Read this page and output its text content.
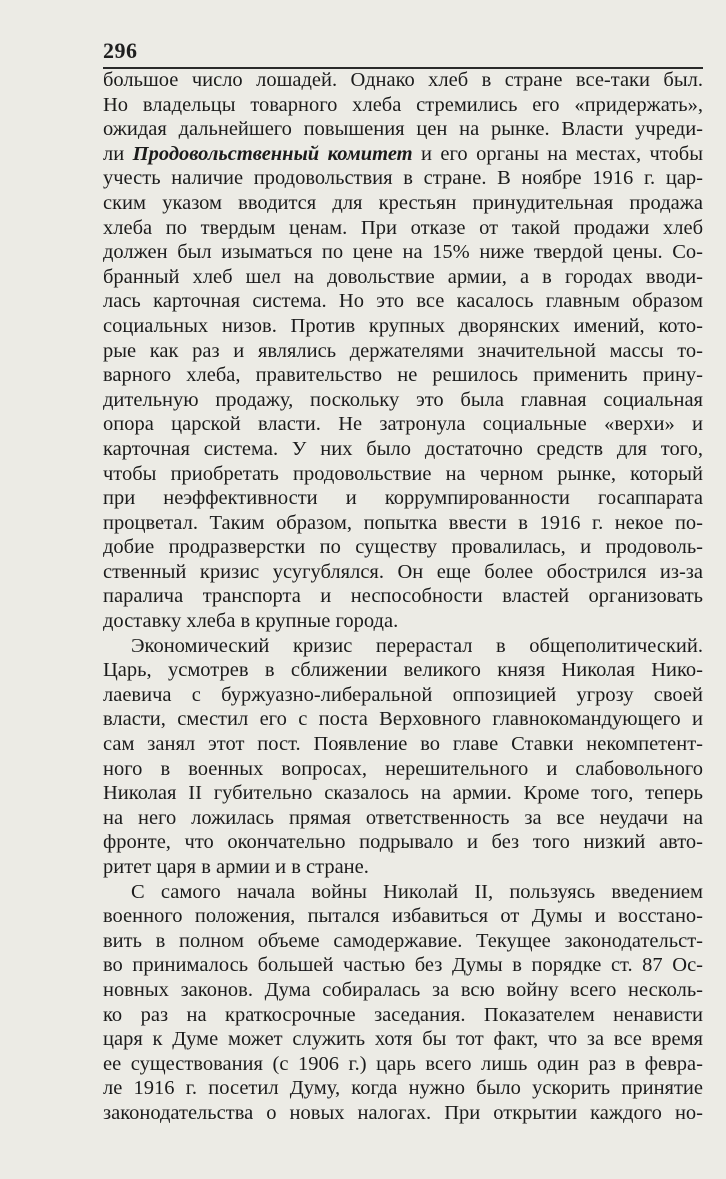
296
большое число лошадей. Однако хлеб в стране все-таки был.
Но владельцы товарного хлеба стремились его «придержать»,
ожидая дальнейшего повышения цен на рынке. Власти учреди-
ли Продовольственный комитет и его органы на местах, чтобы
учесть наличие продовольствия в стране. В ноябре 1916 г. цар-
ским указом вводится для крестьян принудительная продажа
хлеба по твердым ценам. При отказе от такой продажи хлеб
должен был изыматься по цене на 15% ниже твердой цены. Со-
бранный хлеб шел на довольствие армии, а в городах вводи-
лась карточная система. Но это все касалось главным образом
социальных низов. Против крупных дворянских имений, кото-
рые как раз и являлись держателями значительной массы то-
варного хлеба, правительство не решилось применить прину-
дительную продажу, поскольку это была главная социальная
опора царской власти. Не затронула социальные «верхи» и
карточная система. У них было достаточно средств для того,
чтобы приобретать продовольствие на черном рынке, который
при неэффективности и коррумпированности госаппарата
процветал. Таким образом, попытка ввести в 1916 г. некое по-
добие продразверстки по существу провалилась, и продоволь-
ственный кризис усугублялся. Он еще более обострился из-за
паралича транспорта и неспособности властей организовать
доставку хлеба в крупные города.
Экономический кризис перерастал в общеполитический.
Царь, усмотрев в сближении великого князя Николая Нико-
лаевича с буржуазно-либеральной оппозицией угрозу своей
власти, сместил его с поста Верховного главнокомандующего и
сам занял этот пост. Появление во главе Ставки некомпетент-
ного в военных вопросах, нерешительного и слабовольного
Николая II губительно сказалось на армии. Кроме того, теперь
на него ложилась прямая ответственность за все неудачи на
фронте, что окончательно подрывало и без того низкий авто-
ритет царя в армии и в стране.
С самого начала войны Николай II, пользуясь введением
военного положения, пытался избавиться от Думы и восстано-
вить в полном объеме самодержавие. Текущее законодательст-
во принималось большей частью без Думы в порядке ст. 87 Ос-
новных законов. Дума собиралась за всю войну всего несколь-
ко раз на краткосрочные заседания. Показателем ненависти
царя к Думе может служить хотя бы тот факт, что за все время
ее существования (с 1906 г.) царь всего лишь один раз в февра-
ле 1916 г. посетил Думу, когда нужно было ускорить принятие
законодательства о новых налогах. При открытии каждого но-
